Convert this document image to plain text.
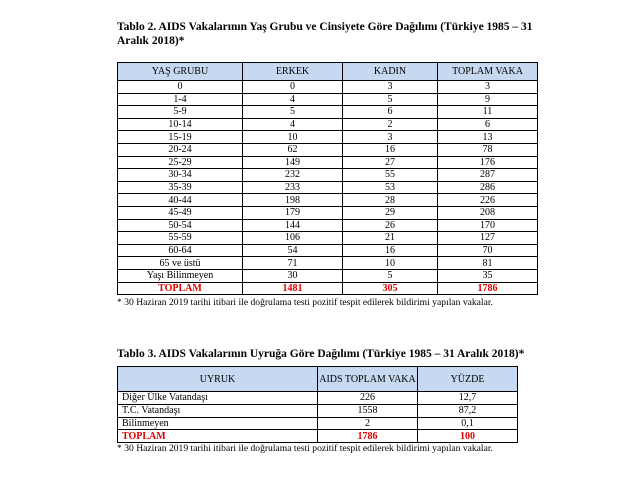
Tablo 2. AIDS Vakalarının Yaş Grubu ve Cinsiyete Göre Dağılımı (Türkiye 1985 – 31 Aralık 2018)*
YAŞ GRUBU	ERKEK	KADIN	TOPLAM VAKA
0	0	3	3
1-4	4	5	9
5-9	5	6	11
10-14	4	2	6
15-19	10	3	13
20-24	62	16	78
25-29	149	27	176
30-34	232	55	287
35-39	233	53	286
40-44	198	28	226
45-49	179	29	208
50-54	144	26	170
55-59	106	21	127
60-64	54	16	70
65 ve üstü	71	10	81
Yaşı Bilinmeyen	30	5	35
TOPLAM	1481	305	1786
* 30 Haziran 2019 tarihi itibari ile doğrulama testi pozitif tespit edilerek bildirimi yapılan vakalar.
Tablo 3. AIDS Vakalarının Uyruğa Göre Dağılımı (Türkiye 1985 – 31 Aralık 2018)*
UYRUK	AIDS TOPLAM VAKA	YÜZDE
Diğer Ülke Vatandaşı	226	12,7
T.C. Vatandaşı	1558	87,2
Bilinmeyen	2	0,1
TOPLAM	1786	100
* 30 Haziran 2019 tarihi itibari ile doğrulama testi pozitif tespit edilerek bildirimi yapılan vakalar.
